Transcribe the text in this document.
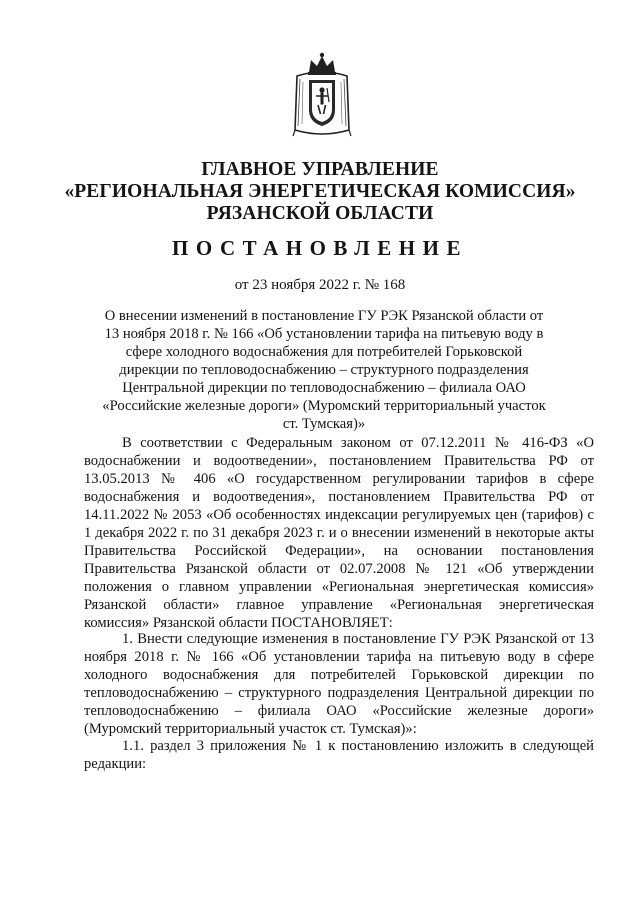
ГЛАВНОЕ УПРАВЛЕНИЕ
«РЕГИОНАЛЬНАЯ ЭНЕРГЕТИЧЕСКАЯ КОМИССИЯ»
РЯЗАНСКОЙ ОБЛАСТИ
ПОСТАНОВЛЕНИЕ
от 23 ноября 2022 г. № 168
О внесении изменений в постановление ГУ РЭК Рязанской области от 13 ноября 2018 г. № 166 «Об установлении тарифа на питьевую воду в сфере холодного водоснабжения для потребителей Горьковской дирекции по тепловодоснабжению – структурного подразделения Центральной дирекции по тепловодоснабжению – филиала ОАО «Российские железные дороги» (Муромский территориальный участок ст. Тумская)»
В соответствии с Федеральным законом от 07.12.2011 № 416-ФЗ «О водоснабжении и водоотведении», постановлением Правительства РФ от 13.05.2013 № 406 «О государственном регулировании тарифов в сфере водоснабжения и водоотведения», постановлением Правительства РФ от 14.11.2022 № 2053 «Об особенностях индексации регулируемых цен (тарифов) с 1 декабря 2022 г. по 31 декабря 2023 г. и о внесении изменений в некоторые акты Правительства Российской Федерации», на основании постановления Правительства Рязанской области от 02.07.2008 № 121 «Об утверждении положения о главном управлении «Региональная энергетическая комиссия» Рязанской области» главное управление «Региональная энергетическая комиссия» Рязанской области ПОСТАНОВЛЯЕТ:
1. Внести следующие изменения в постановление ГУ РЭК Рязанской от 13 ноября 2018 г. № 166 «Об установлении тарифа на питьевую воду в сфере холодного водоснабжения для потребителей Горьковской дирекции по тепловодоснабжению – структурного подразделения Центральной дирекции по тепловодоснабжению – филиала ОАО «Российские железные дороги» (Муромский территориальный участок ст. Тумская)»:
1.1. раздел 3 приложения № 1 к постановлению изложить в следующей редакции:
